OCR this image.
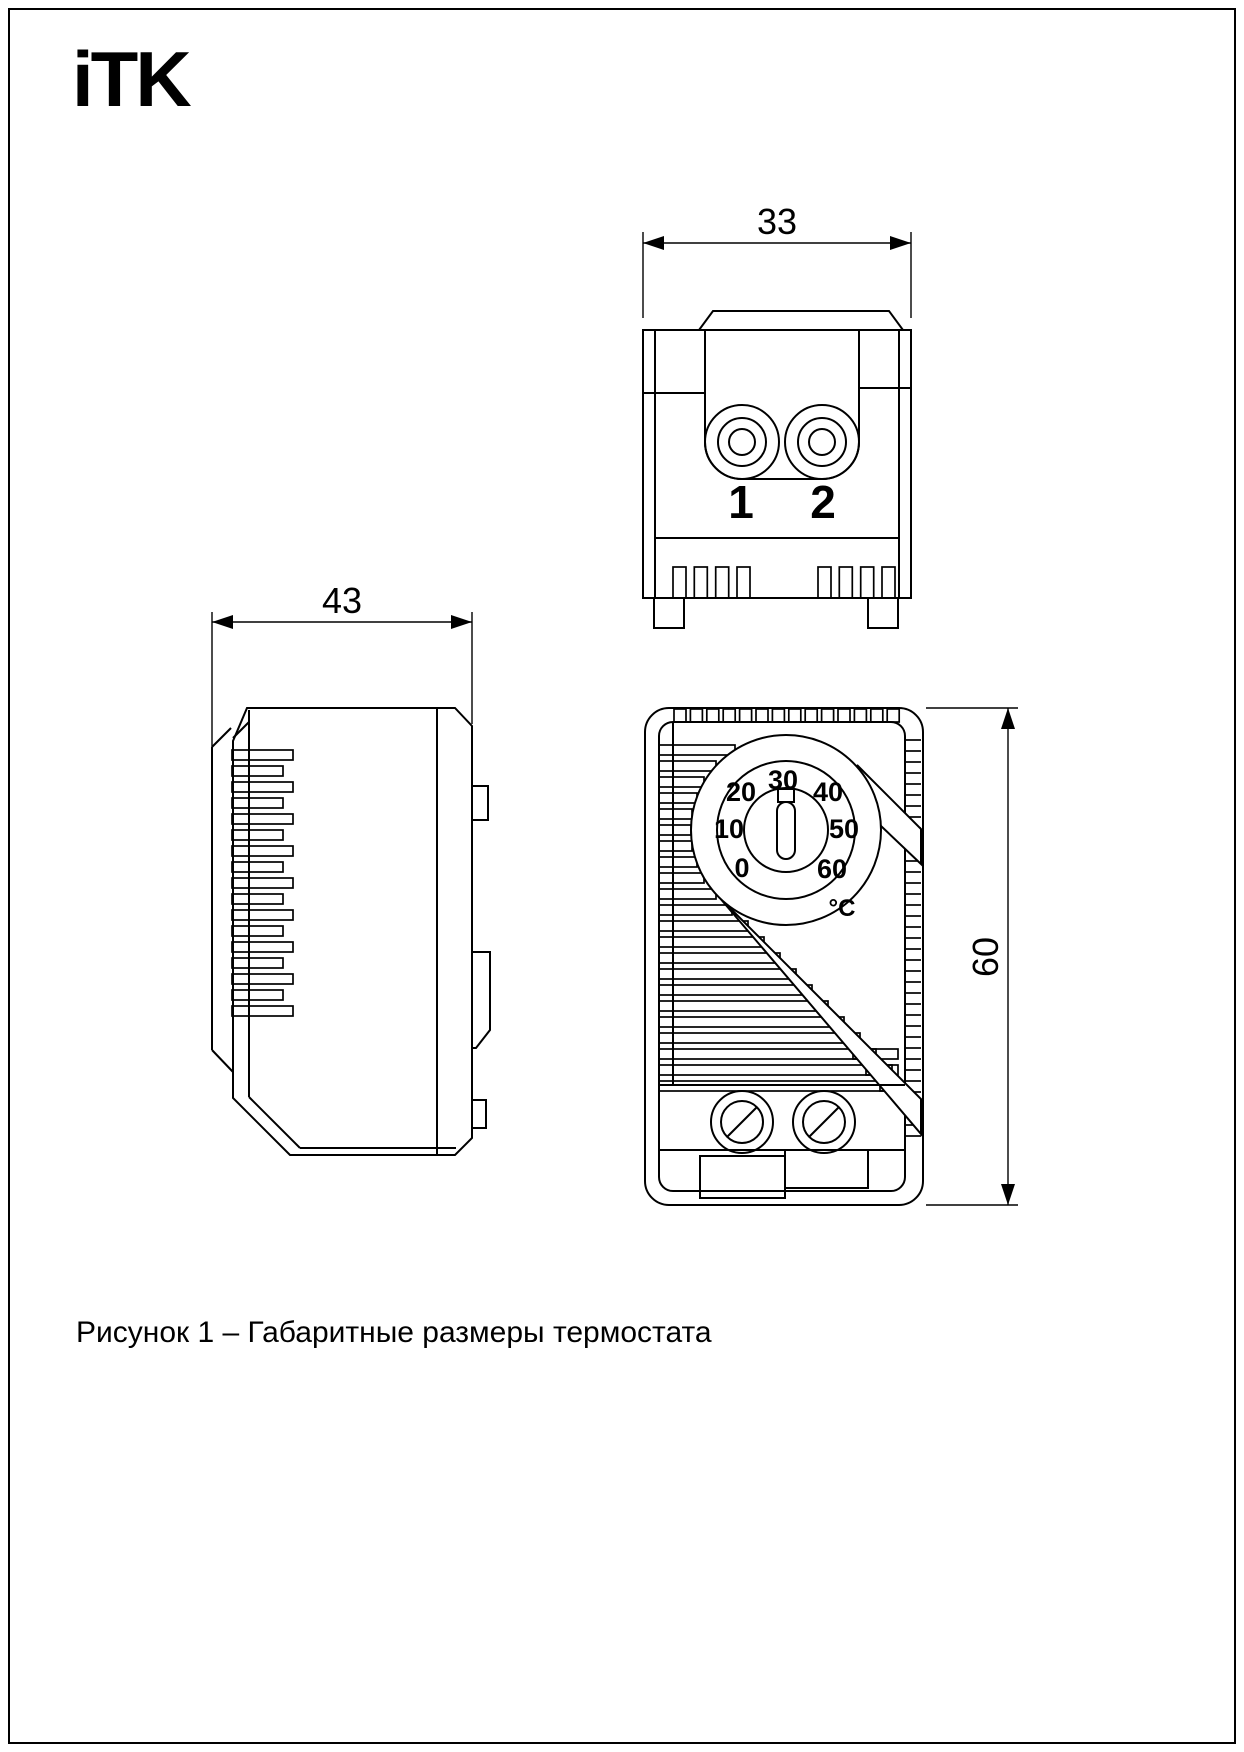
iTK
33
1 2
43
60
0
10
20 30 40
50
60
°C
Рисунок 1 – Габаритные размеры термостата
